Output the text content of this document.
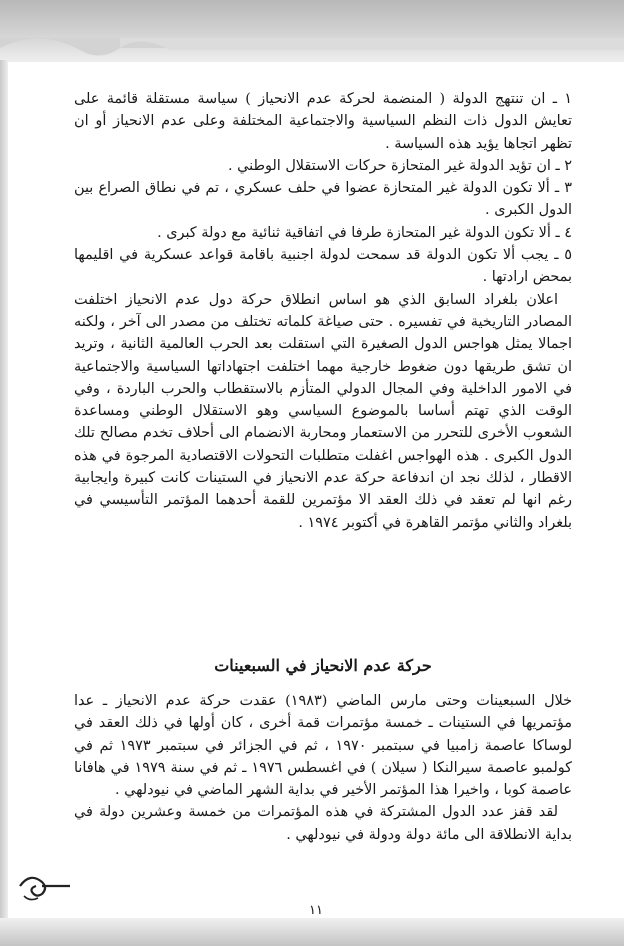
١ ـ ان تنتهج الدولة ( المنضمة لحركة عدم الانحياز ) سياسة مستقلة قائمة على تعايش الدول ذات النظم السياسية والاجتماعية المختلفة وعلى عدم الانحياز أو ان تظهر اتجاها يؤيد هذه السياسة .

٢ ـ ان تؤيد الدولة غير المتحازة حركات الاستقلال الوطني .

٣ ـ ألا تكون الدولة غير المتحازة عضوا في حلف عسكري ، تم في نطاق الصراع بين الدول الكبرى .

٤ ـ ألا تكون الدولة غير المتحازة طرفا في اتفاقية ثنائية مع دولة كبرى .

٥ ـ يجب ألا تكون الدولة قد سمحت لدولة اجنبية باقامة قواعد عسكرية في اقليمها بمحض ارادتها .

اعلان بلغراد السابق الذي هو اساس انطلاق حركة دول عدم الانحياز اختلفت المصادر التاريخية في تفسيره . حتى صياغة كلماته تختلف من مصدر الى آخر ، ولكنه اجمالا يمثل هواجس الدول الصغيرة التي استقلت بعد الحرب العالمية الثانية ، وتريد ان تشق طريقها دون ضغوط خارجية مهما اختلفت اجتهاداتها السياسية والاجتماعية في الامور الداخلية وفي المجال الدولي المتأزم بالاستقطاب والحرب الباردة ، وفي الوقت الذي تهتم أساسا بالموضوع السياسي وهو الاستقلال الوطني ومساعدة الشعوب الأخرى للتحرر من الاستعمار ومحاربة الانضمام الى أحلاف تخدم مصالح تلك الدول الكبرى . هذه الهواجس اغفلت متطلبات التحولات الاقتصادية المرجوة في هذه الاقطار ، لذلك نجد ان اندفاعة حركة عدم الانحياز في الستينات كانت كبيرة وايجابية رغم انها لم تعقد في ذلك العقد الا مؤتمرين للقمة أحدهما المؤتمر التأسيسي في بلغراد والثاني مؤتمر القاهرة في أكتوبر ١٩٧٤ .

حركة عدم الانحياز في السبعينات

خلال السبعينات وحتى مارس الماضي (١٩٨٣) عقدت حركة عدم الانحياز ـ عدا مؤتمريها في الستينات ـ خمسة مؤتمرات قمة أخرى ، كان أولها في ذلك العقد في لوساكا عاصمة زامبيا في سبتمبر ١٩٧٠ ، ثم في الجزائر في سبتمبر ١٩٧٣ ثم في كولمبو عاصمة سيرالنكا ( سيلان ) في اغسطس ١٩٧٦ ـ ثم في سنة ١٩٧٩ في هافانا عاصمة كوبا ، واخيرا هذا المؤتمر الأخير في بداية الشهر الماضي في نيودلهي .

لقد قفز عدد الدول المشتركة في هذه المؤتمرات من خمسة وعشرين دولة في بداية الانطلاقة الى مائة دولة ودولة في نيودلهي .

١١
